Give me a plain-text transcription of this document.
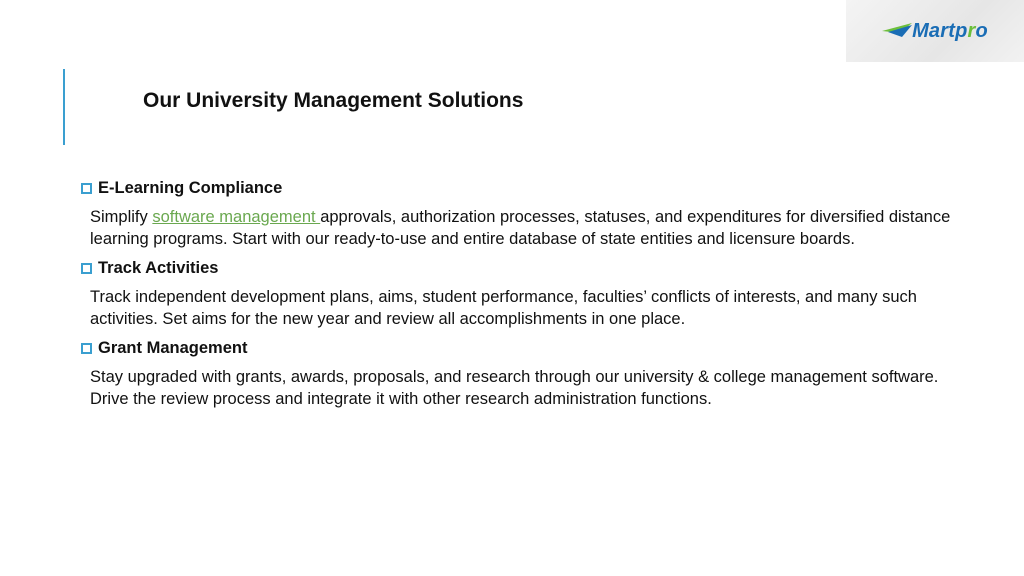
Martpro
Our University Management Solutions
E-Learning Compliance

Simplify software management approvals, authorization processes, statuses, and expenditures for diversified distance learning programs. Start with our ready-to-use and entire database of state entities and licensure boards.

Track Activities

Track independent development plans, aims, student performance, faculties’ conflicts of interests, and many such activities. Set aims for the new year and review all accomplishments in one place.

Grant Management

Stay upgraded with grants, awards, proposals, and research through our university & college management software. Drive the review process and integrate it with other research administration functions.
